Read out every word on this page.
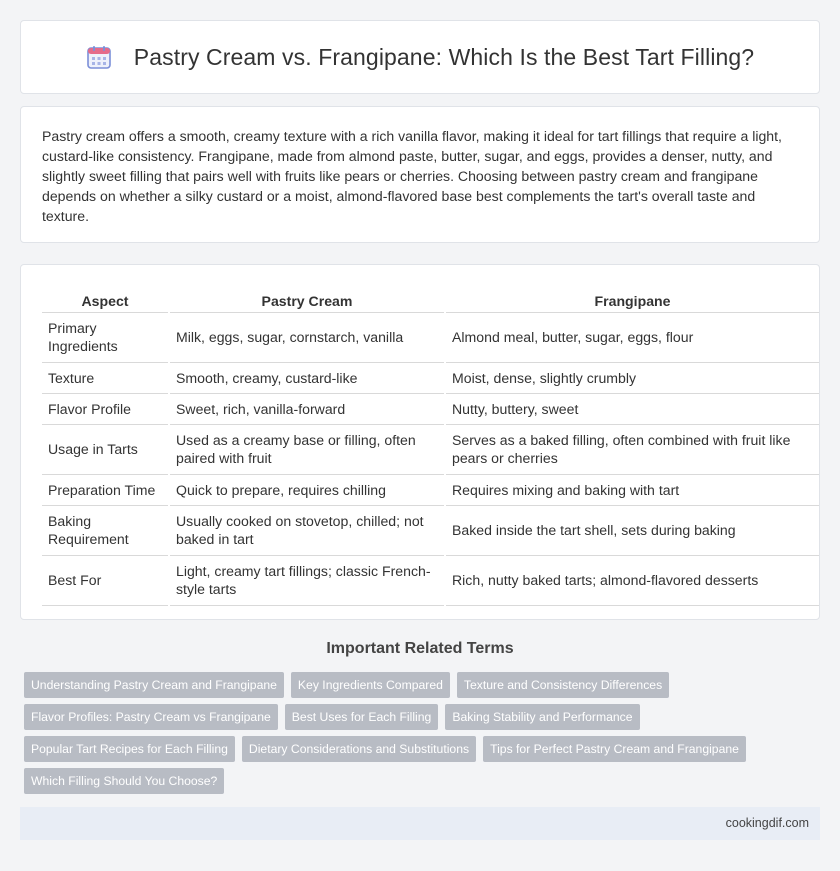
Pastry Cream vs. Frangipane: Which Is the Best Tart Filling?

Pastry cream offers a smooth, creamy texture with a rich vanilla flavor, making it ideal for tart fillings that require a light, custard-like consistency. Frangipane, made from almond paste, butter, sugar, and eggs, provides a denser, nutty, and slightly sweet filling that pairs well with fruits like pears or cherries. Choosing between pastry cream and frangipane depends on whether a silky custard or a moist, almond-flavored base best complements the tart's overall taste and texture.

Aspect	Pastry Cream	Frangipane
Primary Ingredients	Milk, eggs, sugar, cornstarch, vanilla	Almond meal, butter, sugar, eggs, flour
Texture	Smooth, creamy, custard-like	Moist, dense, slightly crumbly
Flavor Profile	Sweet, rich, vanilla-forward	Nutty, buttery, sweet
Usage in Tarts	Used as a creamy base or filling, often paired with fruit	Serves as a baked filling, often combined with fruit like pears or cherries
Preparation Time	Quick to prepare, requires chilling	Requires mixing and baking with tart
Baking Requirement	Usually cooked on stovetop, chilled; not baked in tart	Baked inside the tart shell, sets during baking
Best For	Light, creamy tart fillings; classic French-style tarts	Rich, nutty baked tarts; almond-flavored desserts
Important Related Terms
Understanding Pastry Cream and Frangipane	Key Ingredients Compared	Texture and Consistency Differences
Flavor Profiles: Pastry Cream vs Frangipane	Best Uses for Each Filling	Baking Stability and Performance
Popular Tart Recipes for Each Filling	Dietary Considerations and Substitutions	Tips for Perfect Pastry Cream and Frangipane
Which Filling Should You Choose?
cookingdif.com
